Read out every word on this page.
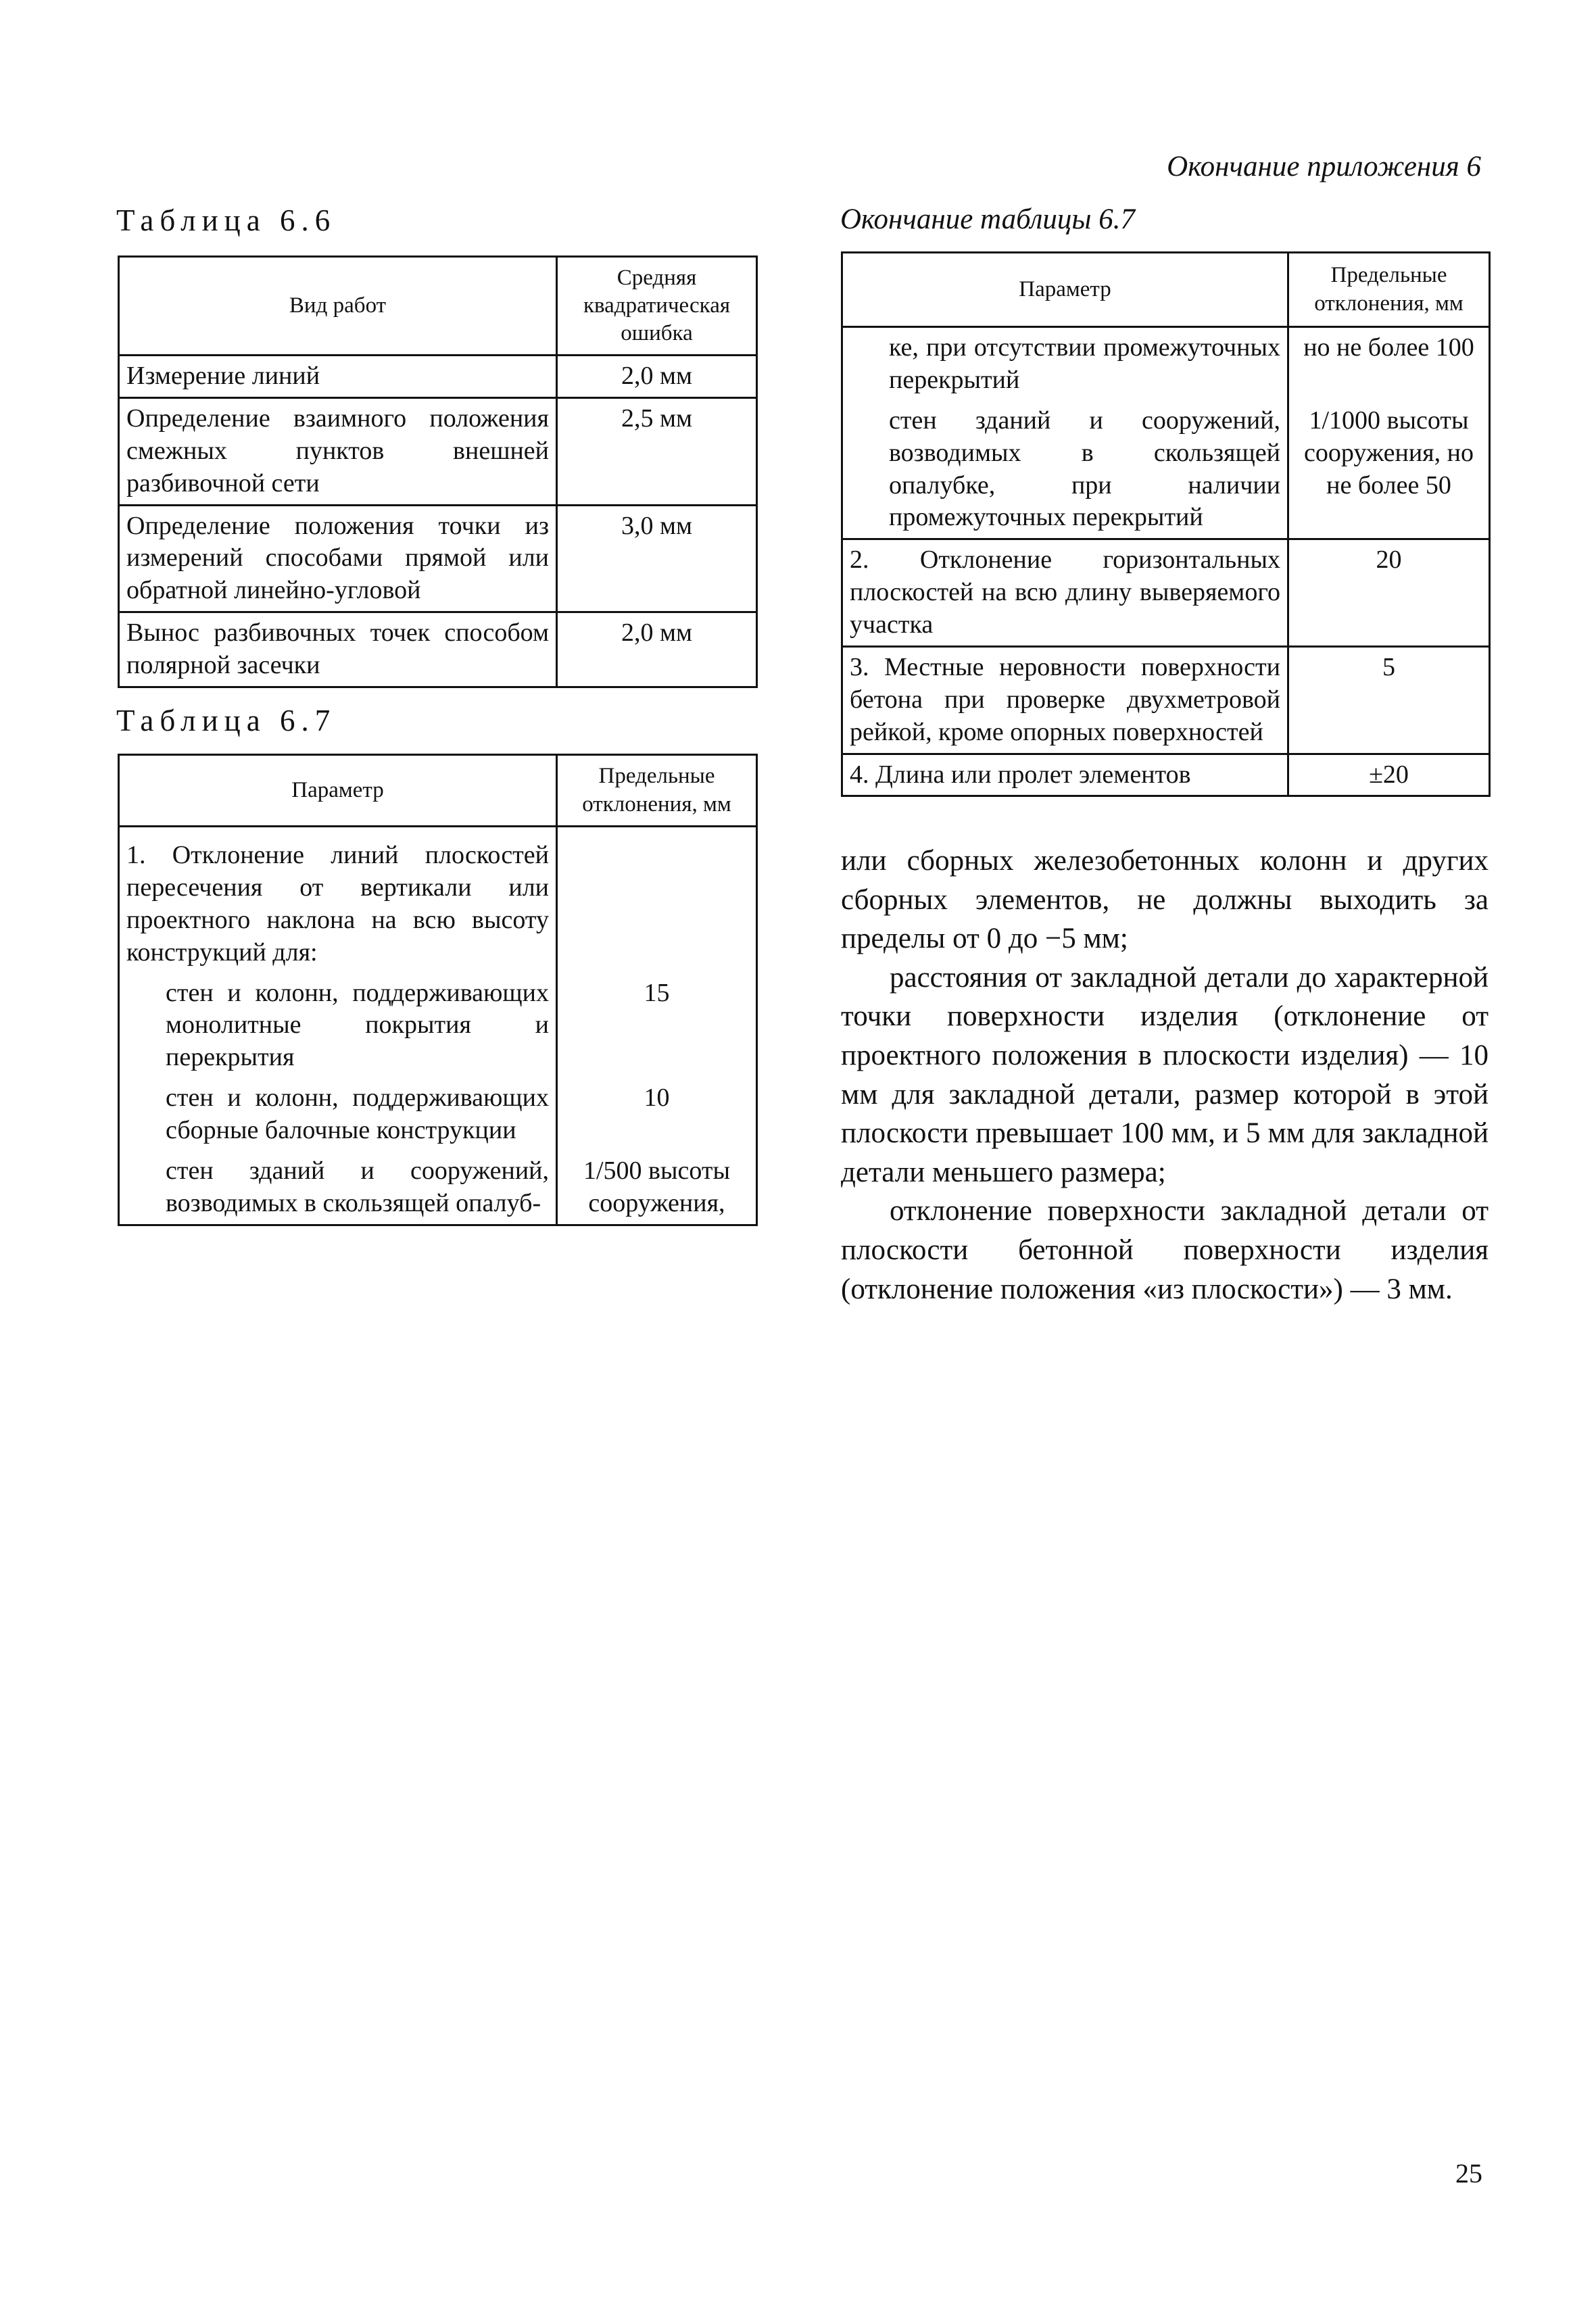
Окончание приложения 6
Таблица 6.6
Вид работ	Средняя квадратическая ошибка
Измерение линий	2,0 мм
Определение взаимного положения смежных пунктов внешней разбивочной сети	2,5 мм
Определение положения точки из измерений способами прямой или обратной линейно-угловой	3,0 мм
Вынос разбивочных точек способом полярной засечки	2,0 мм
Таблица 6.7
Параметр	Предельные отклонения, мм
1. Отклонение линий плоскостей пересечения от вертикали или проектного наклона на всю высоту конструкций для:	
стен и колонн, поддерживающих монолитные покрытия и перекрытия	15
стен и колонн, поддерживающих сборные балочные конструкции	10
стен зданий и сооружений, возводимых в скользящей опалуб-	1/500 высоты сооружения,
Окончание таблицы 6.7
Параметр	Предельные отклонения, мм
ке, при отсутствии промежуточных перекрытий	но не более 100
стен зданий и сооружений, возводимых в скользящей опалубке, при наличии промежуточных перекрытий	1/1000 высоты сооружения, но не более 50
2. Отклонение горизонтальных плоскостей на всю длину выверяемого участка	20
3. Местные неровности поверхности бетона при проверке двухметровой рейкой, кроме опорных поверхностей	5
4. Длина или пролет элементов	±20

или сборных железобетонных колонн и других сборных элементов, не должны выходить за пределы от 0 до −5 мм;

расстояния от закладной детали до характерной точки поверхности изделия (отклонение от проектного положения в плоскости изделия) — 10 мм для закладной детали, размер которой в этой плоскости превышает 100 мм, и 5 мм для закладной детали меньшего размера;

отклонение поверхности закладной детали от плоскости бетонной поверхности изделия (отклонение положения «из плоскости») — 3 мм.

25
